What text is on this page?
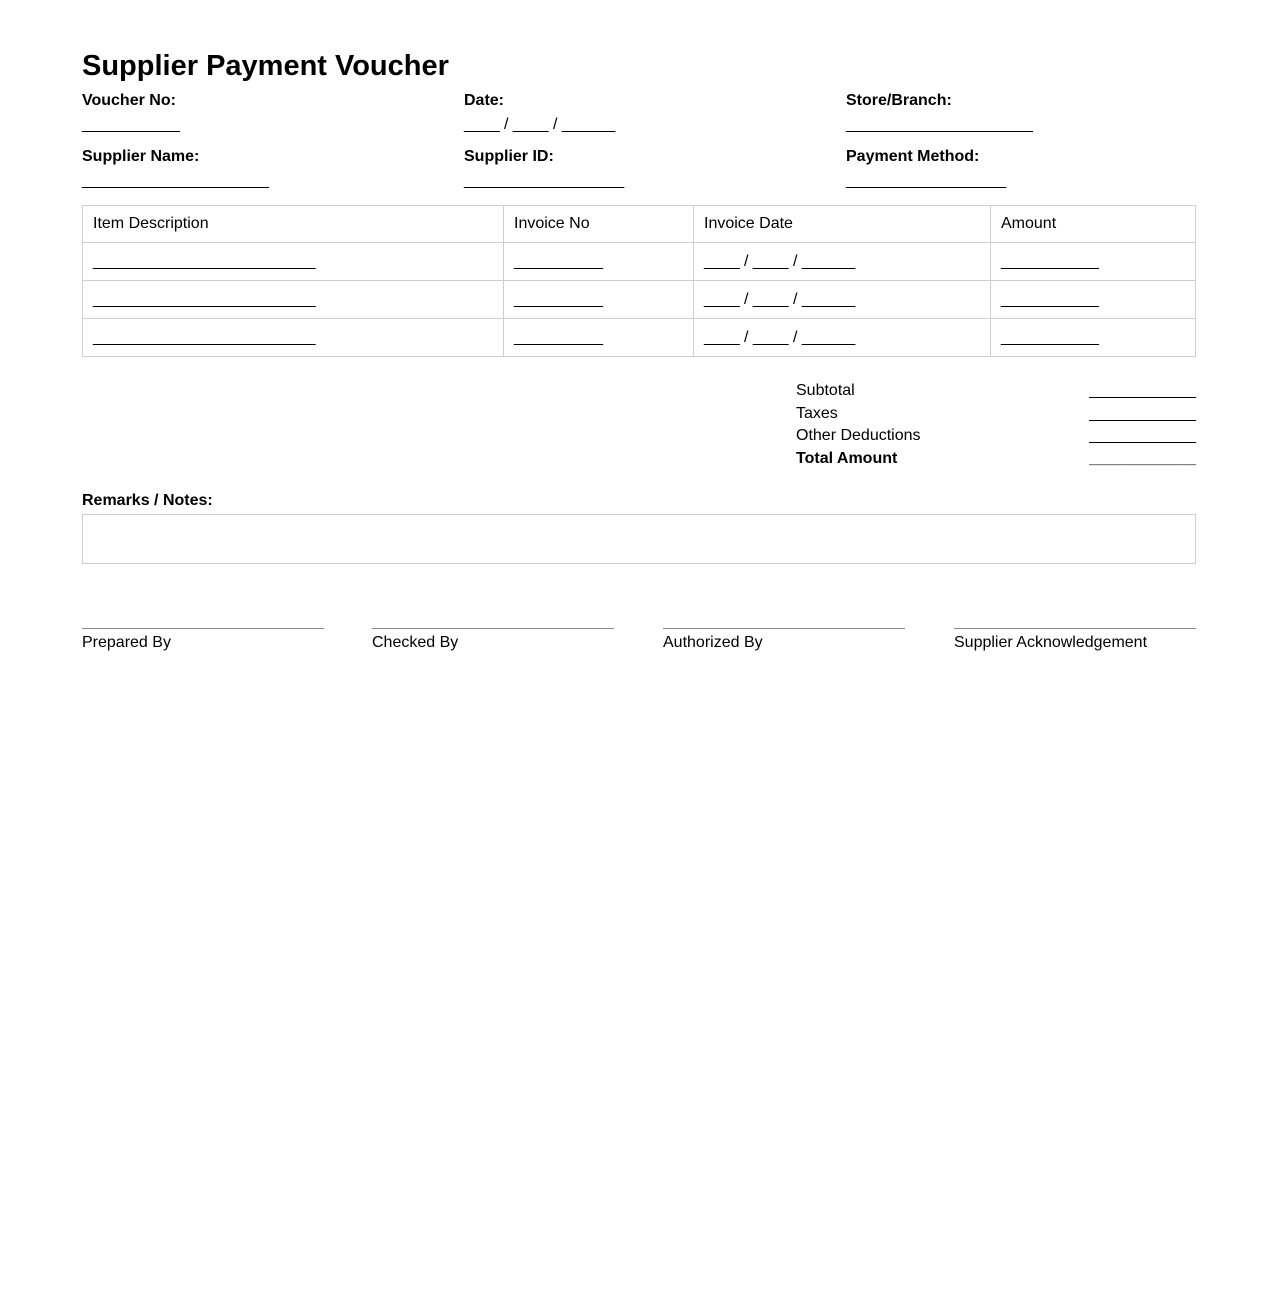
Supplier Payment Voucher
Voucher No:
___________
Date:
____ / ____ / ______
Store/Branch:
_____________________
Supplier Name:
_____________________
Supplier ID:
__________________
Payment Method:
__________________
Item Description	Invoice No	Invoice Date	Amount
_________________________	__________	____ / ____ / ______	___________
_________________________	__________	____ / ____ / ______	___________
_________________________	__________	____ / ____ / ______	___________
Subtotal	____________
Taxes	____________
Other Deductions	____________
Total Amount	____________
Remarks / Notes:
Prepared By	Checked By	Authorized By	Supplier Acknowledgement
